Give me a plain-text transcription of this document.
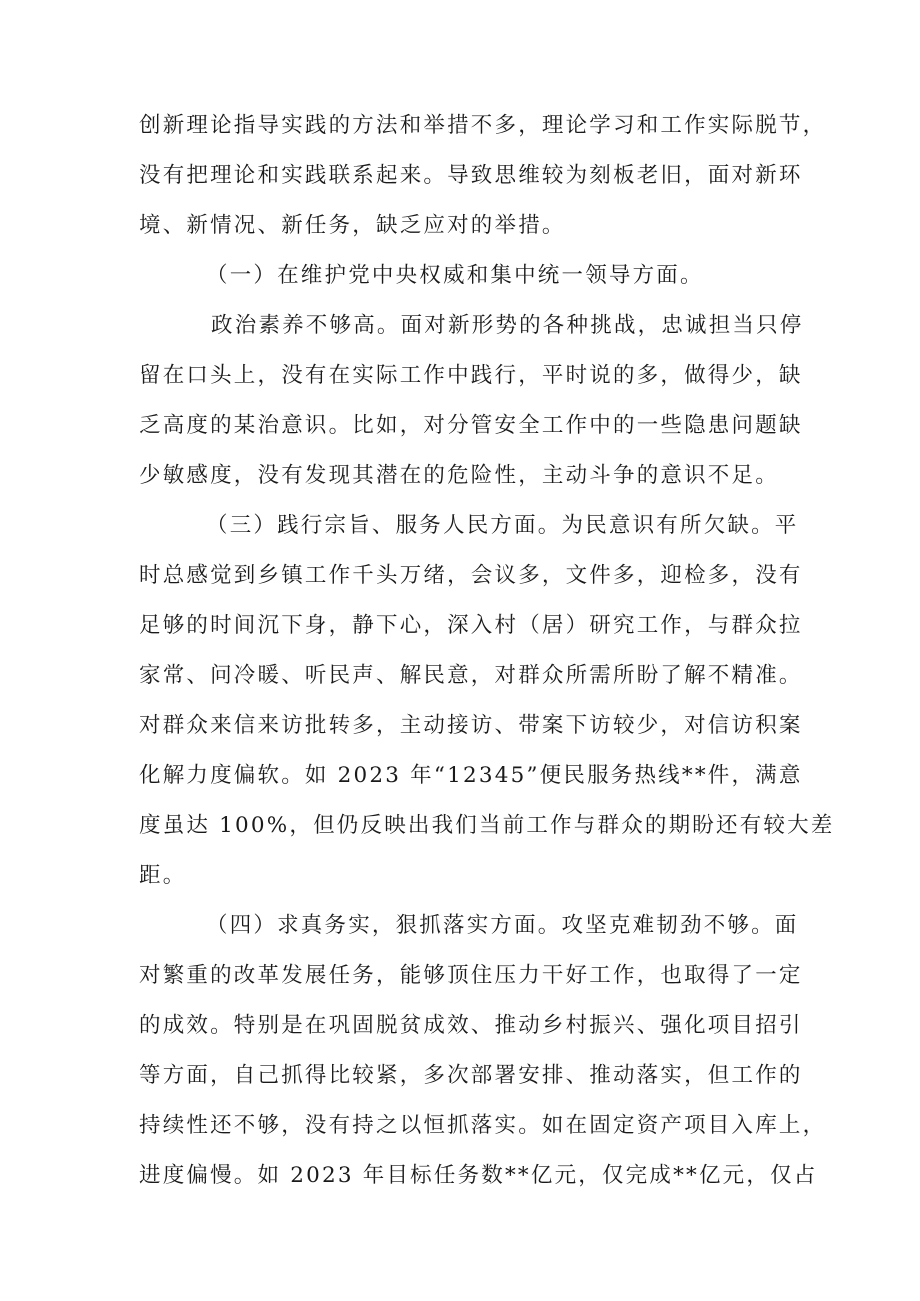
创新理论指导实践的方法和举措不多，理论学习和工作实际脱节，
没有把理论和实践联系起来。导致思维较为刻板老旧，面对新环
境、新情况、新任务，缺乏应对的举措。
（一）在维护党中央权威和集中统一领导方面。
政治素养不够高。面对新形势的各种挑战，忠诚担当只停
留在口头上，没有在实际工作中践行，平时说的多，做得少，缺
乏高度的某治意识。比如，对分管安全工作中的一些隐患问题缺
少敏感度，没有发现其潜在的危险性，主动斗争的意识不足。
（三）践行宗旨、服务人民方面。为民意识有所欠缺。平
时总感觉到乡镇工作千头万绪，会议多，文件多，迎检多，没有
足够的时间沉下身，静下心，深入村（居）研究工作，与群众拉
家常、问冷暖、听民声、解民意，对群众所需所盼了解不精准。
对群众来信来访批转多，主动接访、带案下访较少，对信访积案
化解力度偏软。如 2023 年“12345”便民服务热线**件，满意
度虽达 100%，但仍反映出我们当前工作与群众的期盼还有较大差
距。
（四）求真务实，狠抓落实方面。攻坚克难韧劲不够。面
对繁重的改革发展任务，能够顶住压力干好工作，也取得了一定
的成效。特别是在巩固脱贫成效、推动乡村振兴、强化项目招引
等方面，自己抓得比较紧，多次部署安排、推动落实，但工作的
持续性还不够，没有持之以恒抓落实。如在固定资产项目入库上，
进度偏慢。如 2023 年目标任务数**亿元，仅完成**亿元，仅占
